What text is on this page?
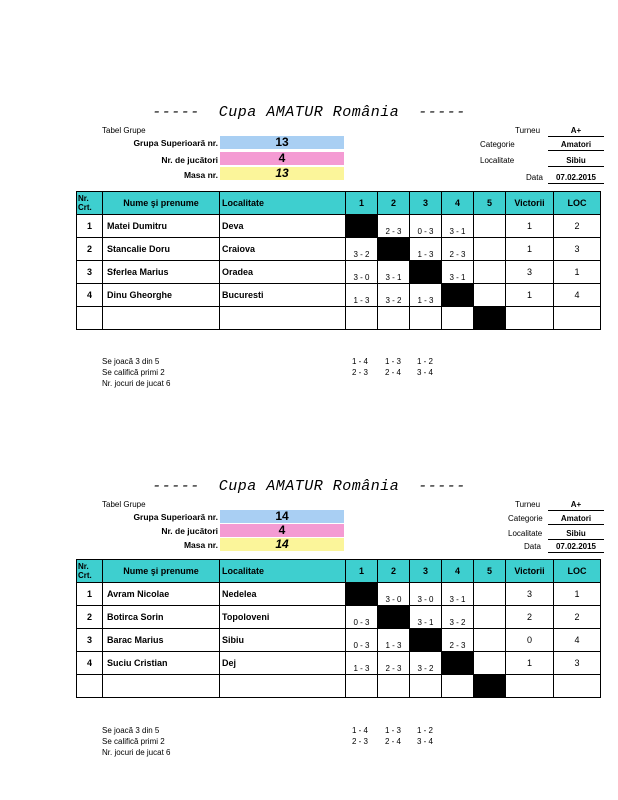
-----  Cupa AMATUR România  -----
Tabel Grupe
Grupa Superioară nr.	13
Nr. de jucători	4
Masa nr.	13
Turneu	A+
Categorie	Amatori
Localitate	Sibiu
Data	07.02.2015
Nr.
Crt.	Nume şi prenume	Localitate	1	2	3	4	5	Victorii	LOC
1	Matei Dumitru	Deva		2 - 3	0 - 3	3 - 1		1	2
2	Stancalie Doru	Craiova	3 - 2		1 - 3	2 - 3		1	3
3	Sferlea Marius	Oradea	3 - 0	3 - 1		3 - 1		3	1
4	Dinu Gheorghe	Bucuresti	1 - 3	3 - 2	1 - 3			1	4

Se joacă 3 din 5
Se califică primi 2
Nr. jocuri de jucat 6
1 - 4 1 - 3 1 - 2
2 - 3 2 - 4 3 - 4
-----  Cupa AMATUR România  -----
Tabel Grupe
Grupa Superioară nr.	14
Nr. de jucători	4
Masa nr.	14
Turneu	A+
Categorie	Amatori
Localitate	Sibiu
Data	07.02.2015
Nr.
Crt.	Nume şi prenume	Localitate	1	2	3	4	5	Victorii	LOC
1	Avram Nicolae	Nedelea		3 - 0	3 - 0	3 - 1		3	1
2	Botirca Sorin	Topoloveni	0 - 3		3 - 1	3 - 2		2	2
3	Barac Marius	Sibiu	0 - 3	1 - 3		2 - 3		0	4
4	Suciu Cristian	Dej	1 - 3	2 - 3	3 - 2			1	3

Se joacă 3 din 5
Se califică primi 2
Nr. jocuri de jucat 6
1 - 4 1 - 3 1 - 2
2 - 3 2 - 4 3 - 4
